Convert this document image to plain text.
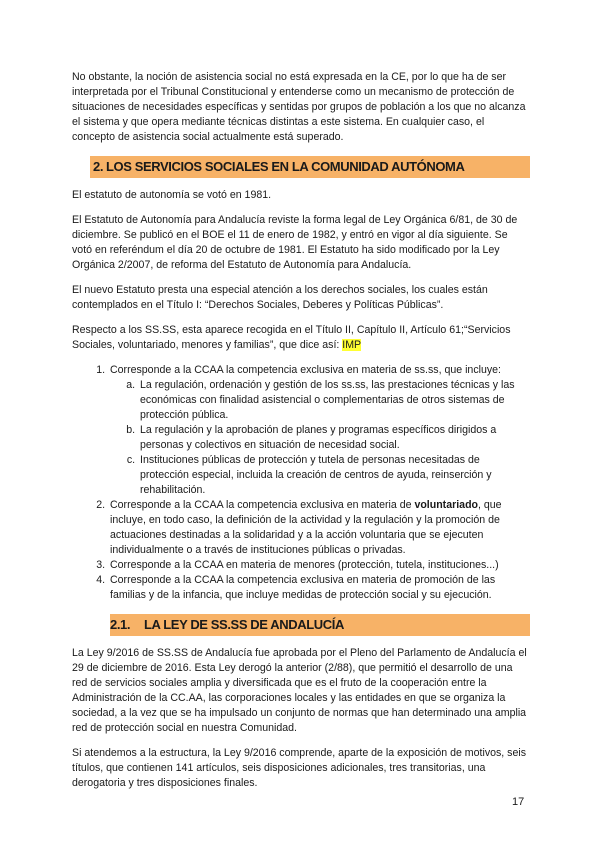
No obstante, la noción de asistencia social no está expresada en la CE, por lo que ha de ser interpretada por el Tribunal Constitucional y entenderse como un mecanismo de protección de situaciones de necesidades específicas y sentidas por grupos de población a los que no alcanza el sistema y que opera mediante técnicas distintas a este sistema. En cualquier caso, el concepto de asistencia social actualmente está superado.

2. LOS SERVICIOS SOCIALES EN LA COMUNIDAD AUTÓNOMA

El estatuto de autonomía se votó en 1981.

El Estatuto de Autonomía para Andalucía reviste la forma legal de Ley Orgánica 6/81, de 30 de diciembre. Se publicó en el BOE el 11 de enero de 1982, y entró en vigor al día siguiente. Se votó en referéndum el día 20 de octubre de 1981. El Estatuto ha sido modificado por la Ley Orgánica 2/2007, de reforma del Estatuto de Autonomía para Andalucía.

El nuevo Estatuto presta una especial atención a los derechos sociales, los cuales están contemplados en el Título I: “Derechos Sociales, Deberes y Políticas Públicas”.

Respecto a los SS.SS, esta aparece recogida en el Título II, Capítulo II, Artículo 61;“Servicios Sociales, voluntariado, menores y familias”, que dice así: IMP

1. Corresponde a la CCAA la competencia exclusiva en materia de ss.ss, que incluye:
a. La regulación, ordenación y gestión de los ss.ss, las prestaciones técnicas y las económicas con finalidad asistencial o complementarias de otros sistemas de protección pública.
b. La regulación y la aprobación de planes y programas específicos dirigidos a personas y colectivos en situación de necesidad social.
c. Instituciones públicas de protección y tutela de personas necesitadas de protección especial, incluida la creación de centros de ayuda, reinserción y rehabilitación.
2. Corresponde a la CCAA la competencia exclusiva en materia de voluntariado, que incluye, en todo caso, la definición de la actividad y la regulación y la promoción de actuaciones destinadas a la solidaridad y a la acción voluntaria que se ejecuten individualmente o a través de instituciones públicas o privadas.
3. Corresponde a la CCAA en materia de menores (protección, tutela, instituciones...)
4. Corresponde a la CCAA la competencia exclusiva en materia de promoción de las familias y de la infancia, que incluye medidas de protección social y su ejecución.
2.1. LA LEY DE SS.SS DE ANDALUCÍA

La Ley 9/2016 de SS.SS de Andalucía fue aprobada por el Pleno del Parlamento de Andalucía el 29 de diciembre de 2016. Esta Ley derogó la anterior (2/88), que permitió el desarrollo de una red de servicios sociales amplia y diversificada que es el fruto de la cooperación entre la Administración de la CC.AA, las corporaciones locales y las entidades en que se organiza la sociedad, a la vez que se ha impulsado un conjunto de normas que han determinado una amplia red de protección social en nuestra Comunidad.

Si atendemos a la estructura, la Ley 9/2016 comprende, aparte de la exposición de motivos, seis títulos, que contienen 141 artículos, seis disposiciones adicionales, tres transitorias, una derogatoria y tres disposiciones finales.

17
